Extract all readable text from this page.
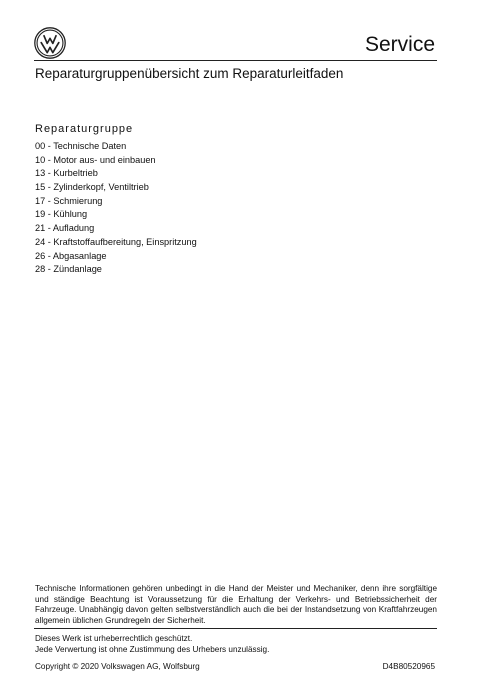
Service
Reparaturgruppenübersicht zum Reparaturleitfaden
Reparaturgruppe
00 - Technische Daten
10 - Motor aus- und einbauen
13 - Kurbeltrieb
15 - Zylinderkopf, Ventiltrieb
17 - Schmierung
19 - Kühlung
21 - Aufladung
24 - Kraftstoffaufbereitung, Einspritzung
26 - Abgasanlage
28 - Zündanlage
Technische Informationen gehören unbedingt in die Hand der Meister und Mechaniker, denn ihre sorgfältige und ständige Beachtung ist Voraussetzung für die Erhaltung der Verkehrs- und Betriebssicherheit der Fahrzeuge. Unabhängig davon gelten selbstverständlich auch die bei der Instandsetzung von Kraftfahrzeugen allgemein üblichen Grundregeln der Sicherheit.
Dieses Werk ist urheberrechtlich geschützt.
Jede Verwertung ist ohne Zustimmung des Urhebers unzulässig.
Copyright © 2020 Volkswagen AG, Wolfsburg	D4B80520965
